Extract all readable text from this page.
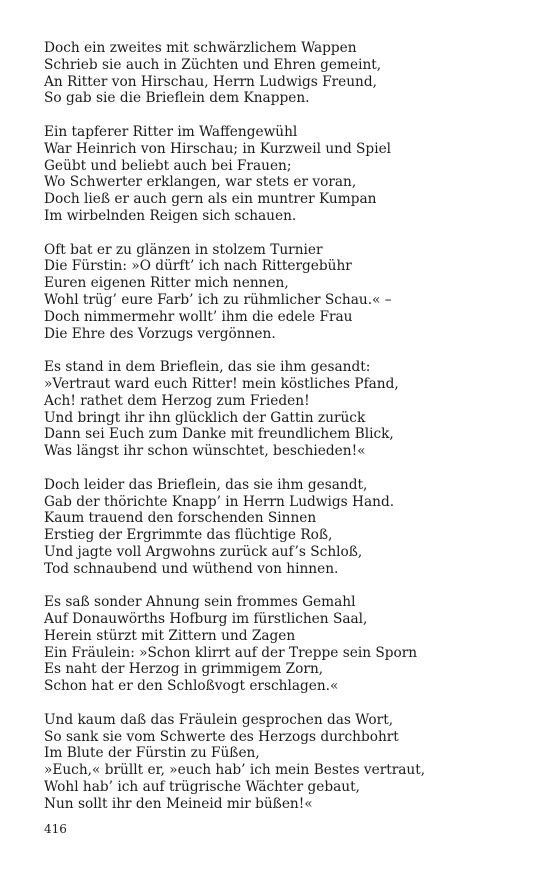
Doch ein zweites mit schwärzlichem Wappen
Schrieb sie auch in Züchten und Ehren gemeint,
An Ritter von Hirschau, Herrn Ludwigs Freund,
So gab sie die Brieflein dem Knappen.
Ein tapferer Ritter im Waffengewühl
War Heinrich von Hirschau; in Kurzweil und Spiel
Geübt und beliebt auch bei Frauen;
Wo Schwerter erklangen, war stets er voran,
Doch ließ er auch gern als ein muntrer Kumpan
Im wirbelnden Reigen sich schauen.
Oft bat er zu glänzen in stolzem Turnier
Die Fürstin: »O dürft’ ich nach Rittergebühr
Euren eigenen Ritter mich nennen,
Wohl trüg’ eure Farb’ ich zu rühmlicher Schau.« –
Doch nimmermehr wollt’ ihm die edele Frau
Die Ehre des Vorzugs vergönnen.
Es stand in dem Brieflein, das sie ihm gesandt:
»Vertraut ward euch Ritter! mein köstliches Pfand,
Ach! rathet dem Herzog zum Frieden!
Und bringt ihr ihn glücklich der Gattin zurück
Dann sei Euch zum Danke mit freundlichem Blick,
Was längst ihr schon wünschtet, beschieden!«
Doch leider das Brieflein, das sie ihm gesandt,
Gab der thörichte Knapp’ in Herrn Ludwigs Hand.
Kaum trauend den forschenden Sinnen
Erstieg der Ergrimmte das flüchtige Roß,
Und jagte voll Argwohns zurück auf’s Schloß,
Tod schnaubend und wüthend von hinnen.
Es saß sonder Ahnung sein frommes Gemahl
Auf Donauwörths Hofburg im fürstlichen Saal,
Herein stürzt mit Zittern und Zagen
Ein Fräulein: »Schon klirrt auf der Treppe sein Sporn
Es naht der Herzog in grimmigem Zorn,
Schon hat er den Schloßvogt erschlagen.«
Und kaum daß das Fräulein gesprochen das Wort,
So sank sie vom Schwerte des Herzogs durchbohrt
Im Blute der Fürstin zu Füßen,
»Euch,« brüllt er, »euch hab’ ich mein Bestes vertraut,
Wohl hab’ ich auf trügrische Wächter gebaut,
Nun sollt ihr den Meineid mir büßen!«
416
